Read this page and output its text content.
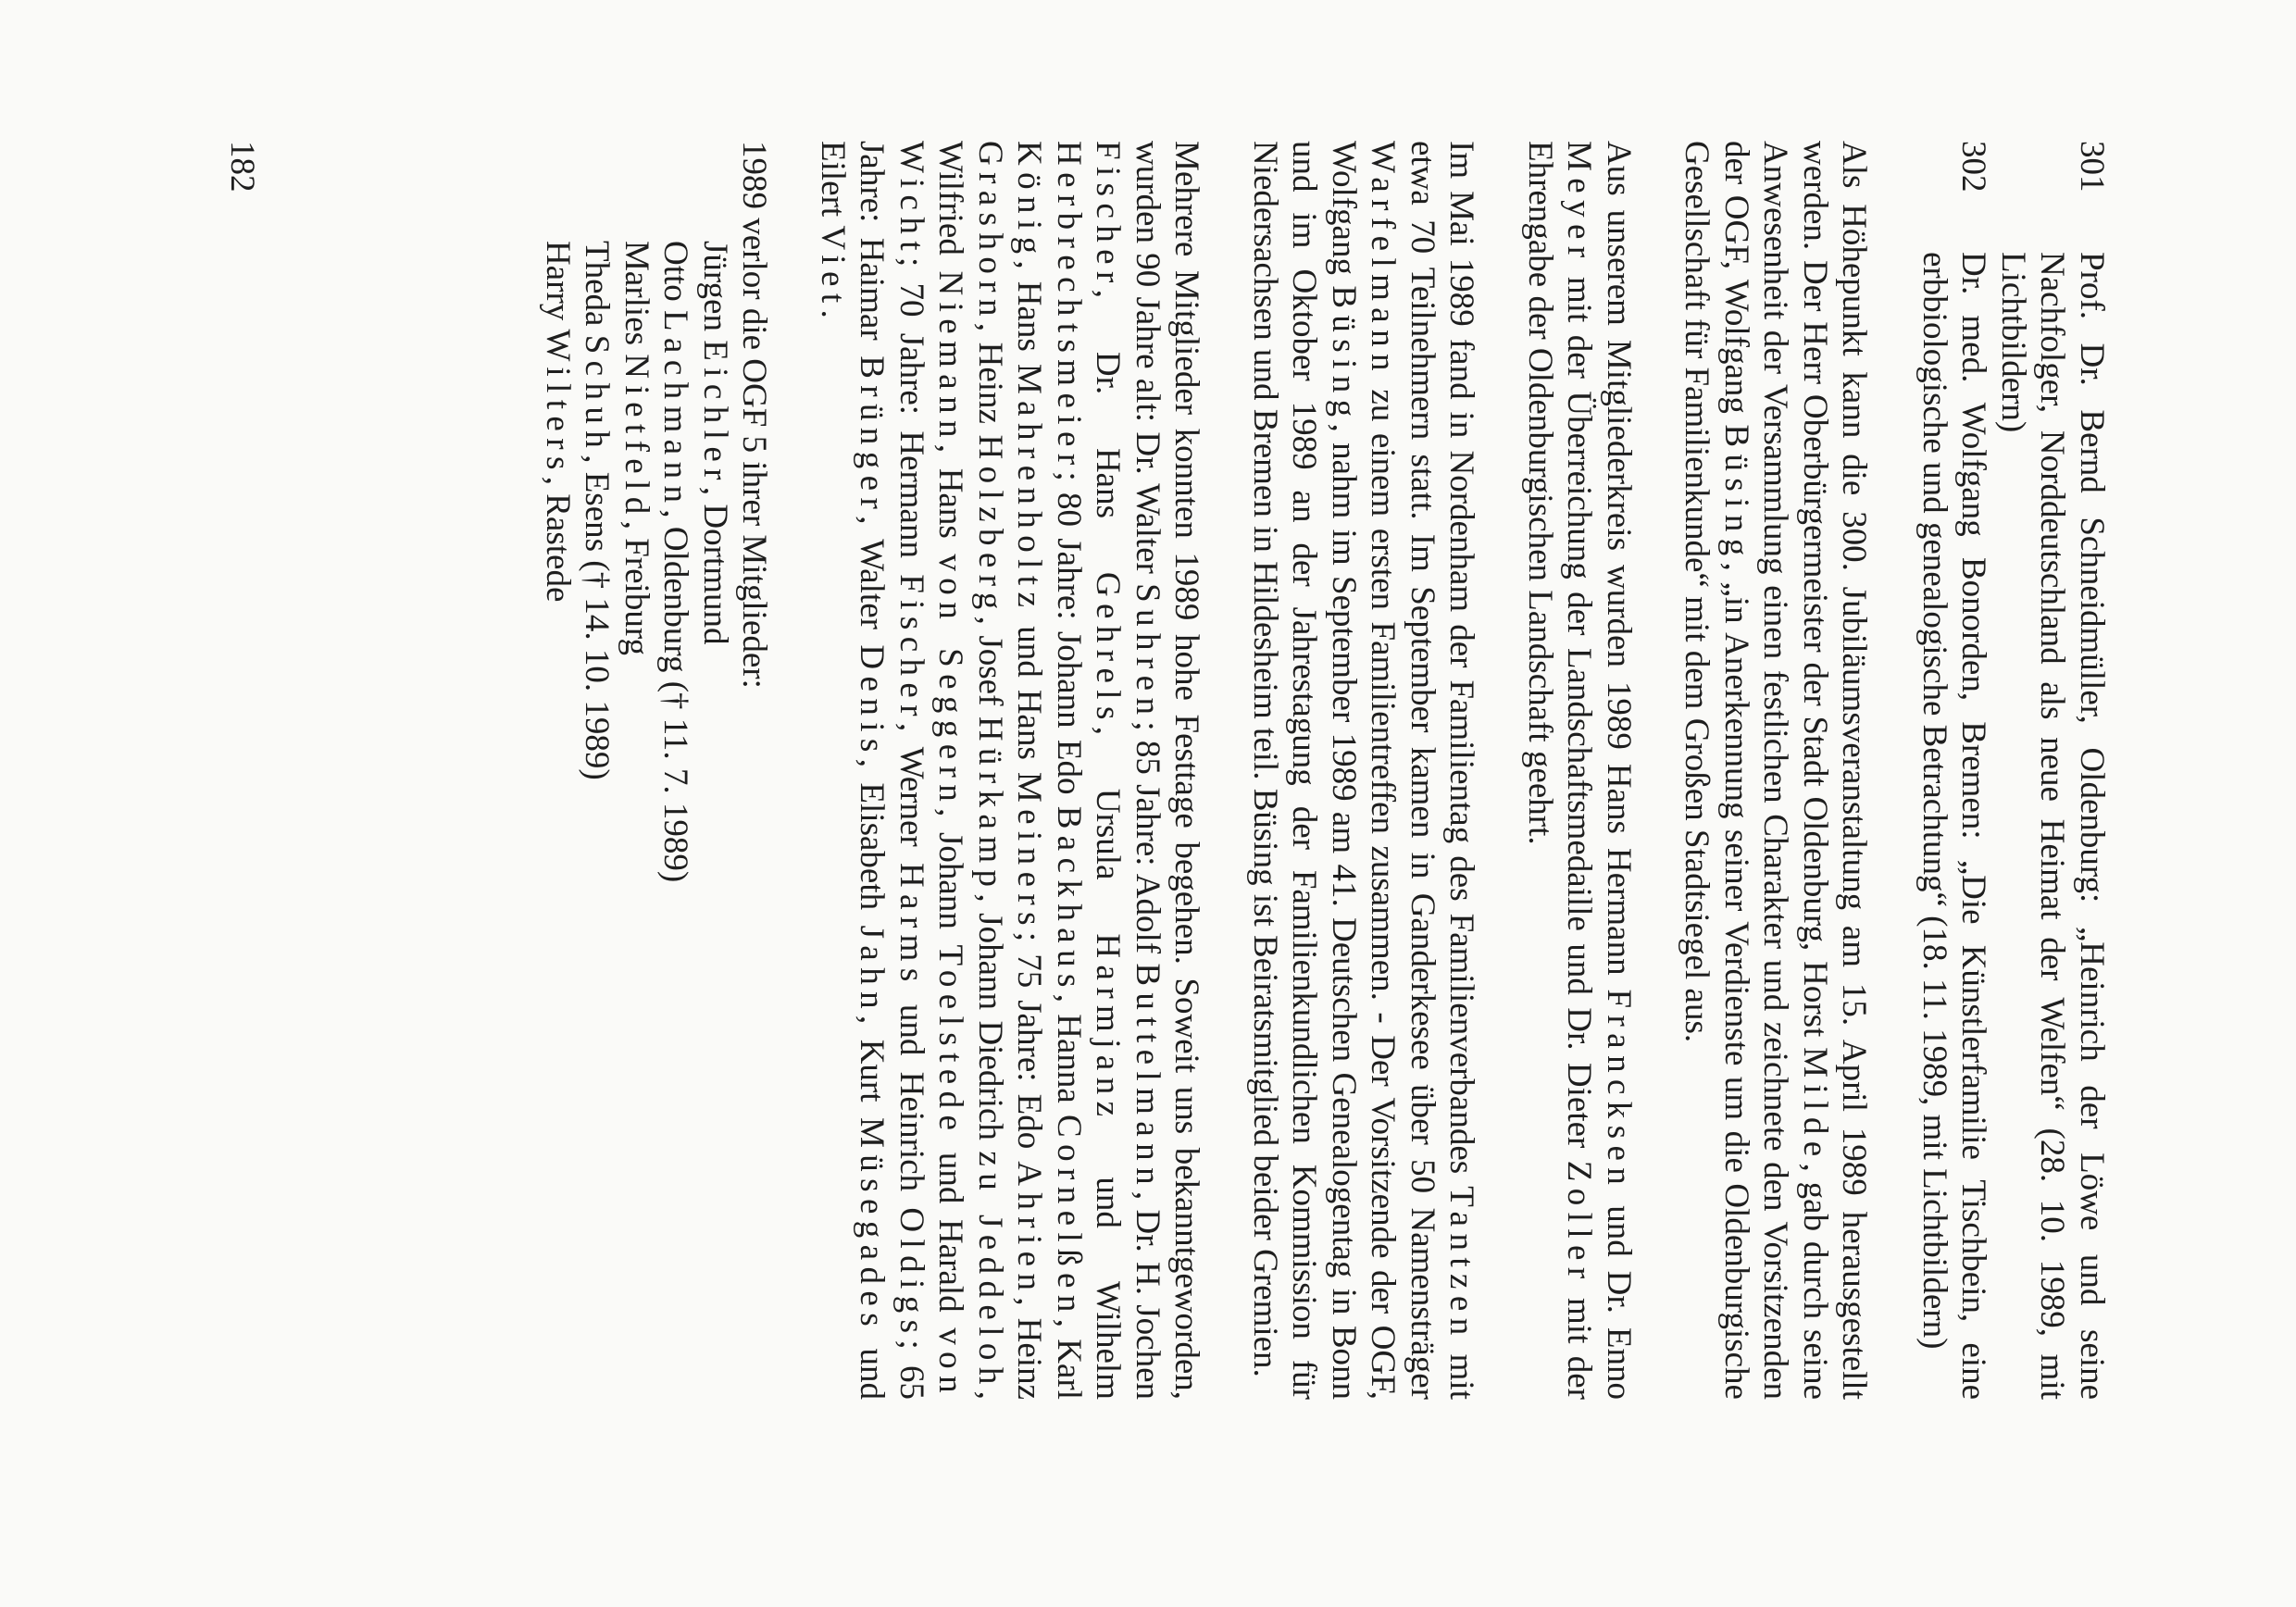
301
Prof. Dr. Bernd Schneidmüller, Oldenburg: „Heinrich der Löwe und seine Nachfolger, Norddeutschland als neue Heimat der Welfen“ (28. 10. 1989, mit Lichtbildern)
302
Dr. med. Wolfgang Bonorden, Bremen: „Die Künstlerfamilie Tischbein, eine erbbiologische und genealogische Betrachtung“ (18. 11. 1989, mit Lichtbildern)

Als Höhepunkt kann die 300. Jubiläumsveranstaltung am 15. April 1989 herausgestellt werden. Der Herr Oberbürgermeister der Stadt Oldenburg, Horst Milde, gab durch seine Anwesenheit der Versammlung einen festlichen Charakter und zeichnete den Vorsitzenden der OGF, Wolfgang Büsing, „in Anerkennung seiner Verdienste um die Oldenburgische Gesellschaft für Familienkunde“ mit dem Großen Stadtsiegel aus.

Aus unserem Mitgliederkreis wurden 1989 Hans Hermann Francksen und Dr. Enno Meyer mit der Überreichung der Landschaftsmedaille und Dr. Dieter Zoller mit der Ehrengabe der Oldenburgischen Landschaft geehrt.

Im Mai 1989 fand in Nordenham der Familientag des Familienverbandes Tantzen mit etwa 70 Teilnehmern statt. Im September kamen in Ganderkesee über 50 Namensträger Warfelmann zu einem ersten Familientreffen zusammen. - Der Vorsitzende der OGF, Wolfgang Büsing, nahm im September 1989 am 41. Deutschen Genealogentag in Bonn und im Oktober 1989 an der Jahrestagung der Familienkundlichen Kommission für Niedersachsen und Bremen in Hildesheim teil. Büsing ist Beiratsmitglied beider Gremien.

Mehrere Mitglieder konnten 1989 hohe Festtage begehen. Soweit uns bekanntgeworden, wurden 90 Jahre alt: Dr. Walter Suhren; 85 Jahre: Adolf Buttelmann, Dr. H. Jochen Fischer, Dr. Hans Gehrels, Ursula Harmjanz und Wilhelm Herbrechtsmeier; 80 Jahre: Johann Edo Backhaus, Hanna Cornelßen, Karl König, Hans Mahrenholtz und Hans Meiners; 75 Jahre: Edo Ahrien, Heinz Grashorn, Heinz Holzberg, Josef Hürkamp, Johann Diedrich zu Jeddeloh, Wilfried Niemann, Hans von Seggern, Johann Toelstede und Harald von Wicht; 70 Jahre: Hermann Fischer, Werner Harms und Heinrich Oldigs; 65 Jahre: Haimar Brünger, Walter Denis, Elisabeth Jahn, Kurt Müsegades und Eilert Viet.

1989 verlor die OGF 5 ihrer Mitglieder:
Jürgen Eichler, Dortmund
Otto Lachmann, Oldenburg († 11. 7. 1989)
Marlies Nietfeld, Freiburg
Theda Schuh, Esens († 14. 10. 1989)
Harry Wilters, Rastede
182
